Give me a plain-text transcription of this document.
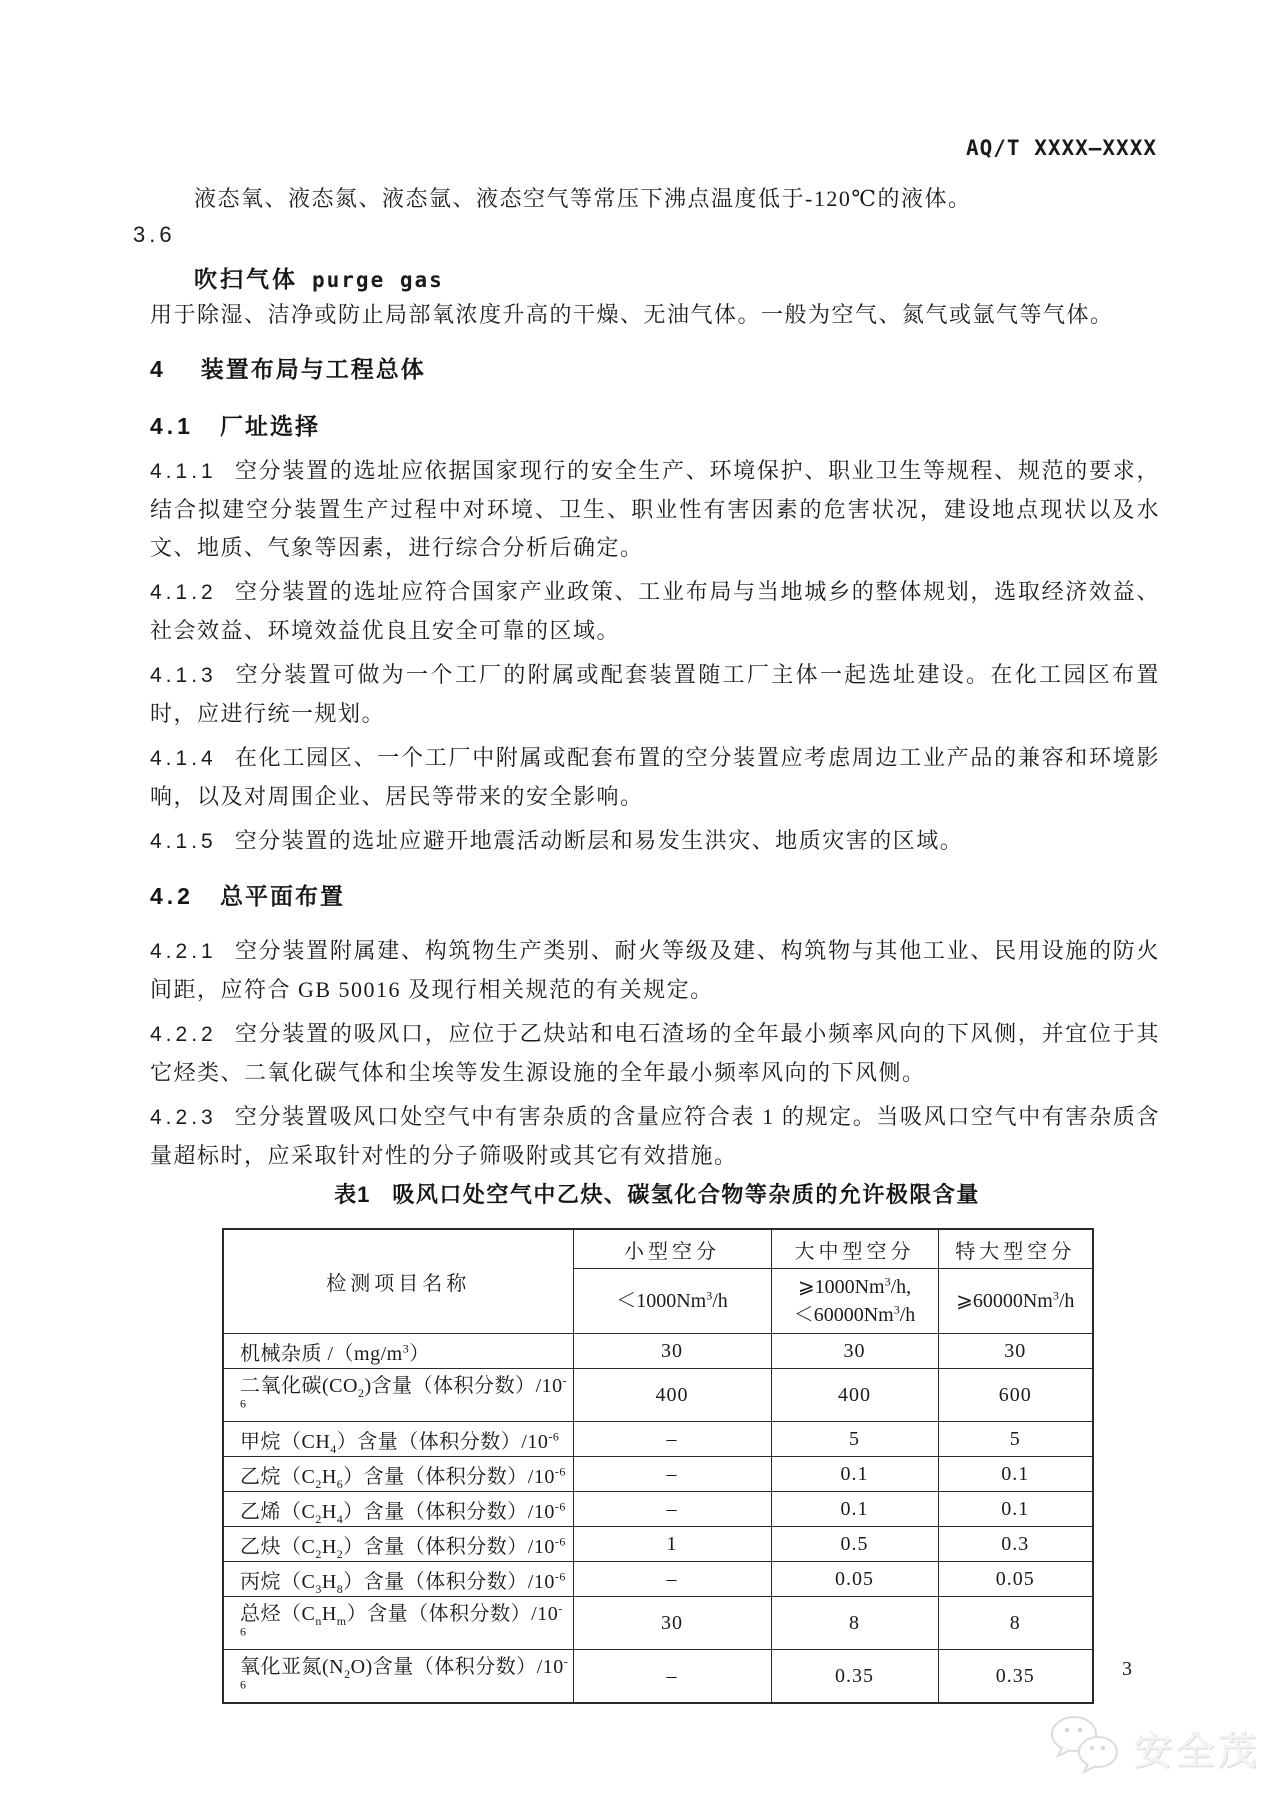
AQ/T XXXX—XXXX
液态氧、液态氮、液态氩、液态空气等常压下沸点温度低于-120℃的液体。
3.6
吹扫气体 purge gas
用于除湿、洁净或防止局部氧浓度升高的干燥、无油气体。一般为空气、氮气或氩气等气体。
4 装置布局与工程总体
4.1 厂址选择
4.1.1 空分装置的选址应依据国家现行的安全生产、环境保护、职业卫生等规程、规范的要求，结合拟建空分装置生产过程中对环境、卫生、职业性有害因素的危害状况，建设地点现状以及水文、地质、气象等因素，进行综合分析后确定。
4.1.2 空分装置的选址应符合国家产业政策、工业布局与当地城乡的整体规划，选取经济效益、社会效益、环境效益优良且安全可靠的区域。
4.1.3 空分装置可做为一个工厂的附属或配套装置随工厂主体一起选址建设。在化工园区布置时，应进行统一规划。
4.1.4 在化工园区、一个工厂中附属或配套布置的空分装置应考虑周边工业产品的兼容和环境影响，以及对周围企业、居民等带来的安全影响。
4.1.5 空分装置的选址应避开地震活动断层和易发生洪灾、地质灾害的区域。
4.2 总平面布置
4.2.1 空分装置附属建、构筑物生产类别、耐火等级及建、构筑物与其他工业、民用设施的防火间距，应符合 GB 50016 及现行相关规范的有关规定。
4.2.2 空分装置的吸风口，应位于乙炔站和电石渣场的全年最小频率风向的下风侧，并宜位于其它烃类、二氧化碳气体和尘埃等发生源设施的全年最小频率风向的下风侧。
4.2.3 空分装置吸风口处空气中有害杂质的含量应符合表 1 的规定。当吸风口空气中有害杂质含量超标时，应采取针对性的分子筛吸附或其它有效措施。
表1 吸风口处空气中乙炔、碳氢化合物等杂质的允许极限含量
检测项目名称	小型空分	大中型空分	特大型空分
	$<1000Nm^3/h$	$⩾1000Nm^3/h$,
$<60000Nm^3/h$	⩾60000Nm$^3$/h
机械杂质 $/(mg/m^3)$	30	30	30
二氧化碳$(CO_2)$含量（体积分数）$/10^{-6}$	400	400	600
甲烷$(CH_4)$含量（体积分数）$/10^{-6}$	–	5	5
乙烷$(C_2H_6)$含量（体积分数）$/10^{-6}$	–	0.1	0.1
乙烯$(C_2H_4)$含量（体积分数）$/10^{-6}$	–	0.1	0.1
乙炔$(C_2H_2)$含量（体积分数）$/10^{-6}$	1	0.5	0.3
丙烷$(C_3H_8)$含量（体积分数）$/10^{-6}$	–	0.05	0.05
总烃$(C_nH_m)$含量（体积分数）$/10^{-6}$	30	8	8
氧化亚氮$(N_2O)$含量（体积分数）$/10^{-6}$	–	0.35	0.35	3
安全茂
